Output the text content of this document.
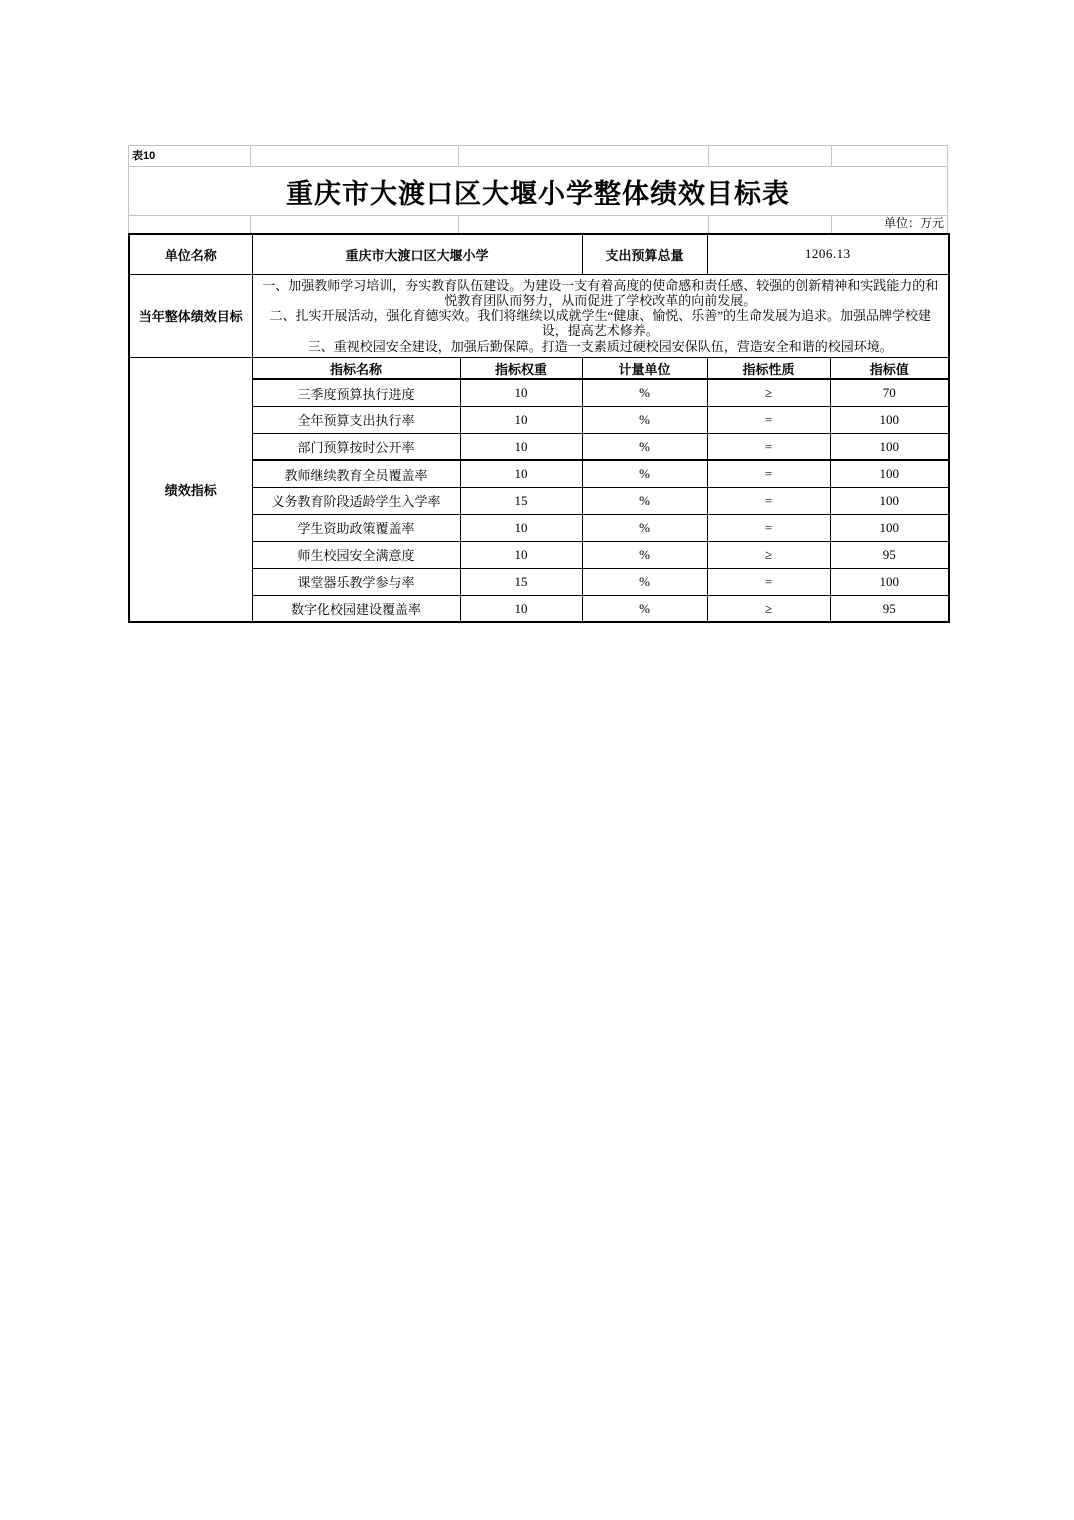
表10
重庆市大渡口区大堰小学整体绩效目标表
单位：万元
单位名称	重庆市大渡口区大堰小学		支出预算总量	1206.13	
当年整体绩效目标	一、加强教师学习培训，夯实教育队伍建设。为建设一支有着高度的使命感和责任感、较强的创新精神和实践能力的和悦教育团队而努力，从而促进了学校改革的向前发展。
二、扎实开展活动，强化育德实效。我们将继续以成就学生“健康、愉悦、乐善”的生命发展为追求。加强品牌学校建设，提高艺术修养。
三、重视校园安全建设，加强后勤保障。打造一支素质过硬校园安保队伍，营造安全和谐的校园环境。				

绩效指标	指标名称	指标权重	计量单位	指标性质	指标值
	三季度预算执行进度	10	%	≥	70
	全年预算支出执行率	10	%	=	100
	部门预算按时公开率	10	%	=	100
	教师继续教育全员覆盖率	10	%	=	100
	义务教育阶段适龄学生入学率	15	%	=	100
	学生资助政策覆盖率	10	%	=	100
	师生校园安全满意度	10	%	≥	95
	课堂器乐教学参与率	15	%	=	100
	数字化校园建设覆盖率	10	%	≥	95
